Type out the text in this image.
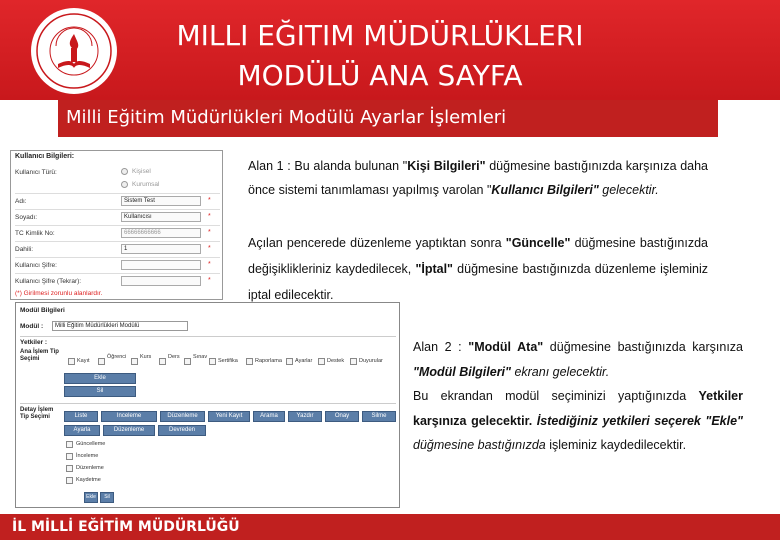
MILLI EĞITIM MÜDÜRLÜKLERI
MODÜLÜ ANA SAYFA
Milli Eğitim Müdürlükleri Modülü Ayarlar İşlemleri
Kullanıcı Bilgileri:
Kullanıcı Türü:	Kişisel
Kurumsal
Adı:	Sistem Test	*
Soyadı:	Kullanıcısı	*
TC Kimlik No:	66666666666	*
Dahili:	1	*
Kullanıcı Şifre:	*
Kullanıcı Şifre (Tekrar):	*
(*) Girilmesi zorunlu alanlardır.
Alan 1 : Bu alanda bulunan "Kişi Bilgileri" düğmesine bastığınızda karşınıza daha önce sistemi tanımlaması yapılmış varolan "Kullanıcı Bilgileri" gelecektir.
Açılan pencerede düzenleme yaptıktan sonra "Güncelle" düğmesine bastığınızda değişiklikleriniz kaydedilecek, "İptal" düğmesine bastığınızda düzenleme işleminiz iptal edilecektir.
Modül Bilgileri
Modül :	Milli Eğitim Müdürlükleri Modülü
Yetkiler :
Ana İşlem Tip Seçimi	Kayıt
Öğrenci Kurs	Ders Sınav
Sertifika	Raporlama Ayarlar	Destek	Duyurular
Ekle
Sil
Detay İşlem Tip Seçimi	Liste	Inceleme	Düzenleme	Yeni Kayıt	Arama	Yazdır	Onay	Silme
Ayarla	Düzenleme	Devreden
Güncelleme
İnceleme
Düzenleme
Kaydetme
Ekle	Sil
Alan 2 : "Modül Ata" düğmesine bastığınızda karşınıza "Modül Bilgileri" ekranı gelecektir.
Bu ekrandan modül seçiminizi yaptığınızda Yetkiler karşınıza gelecektir. İstediğiniz yetkileri seçerek "Ekle" düğmesine bastığınızda işleminiz kaydedilecektir.
İL MİLLİ EĞİTİM MÜDÜRLÜĞÜ
